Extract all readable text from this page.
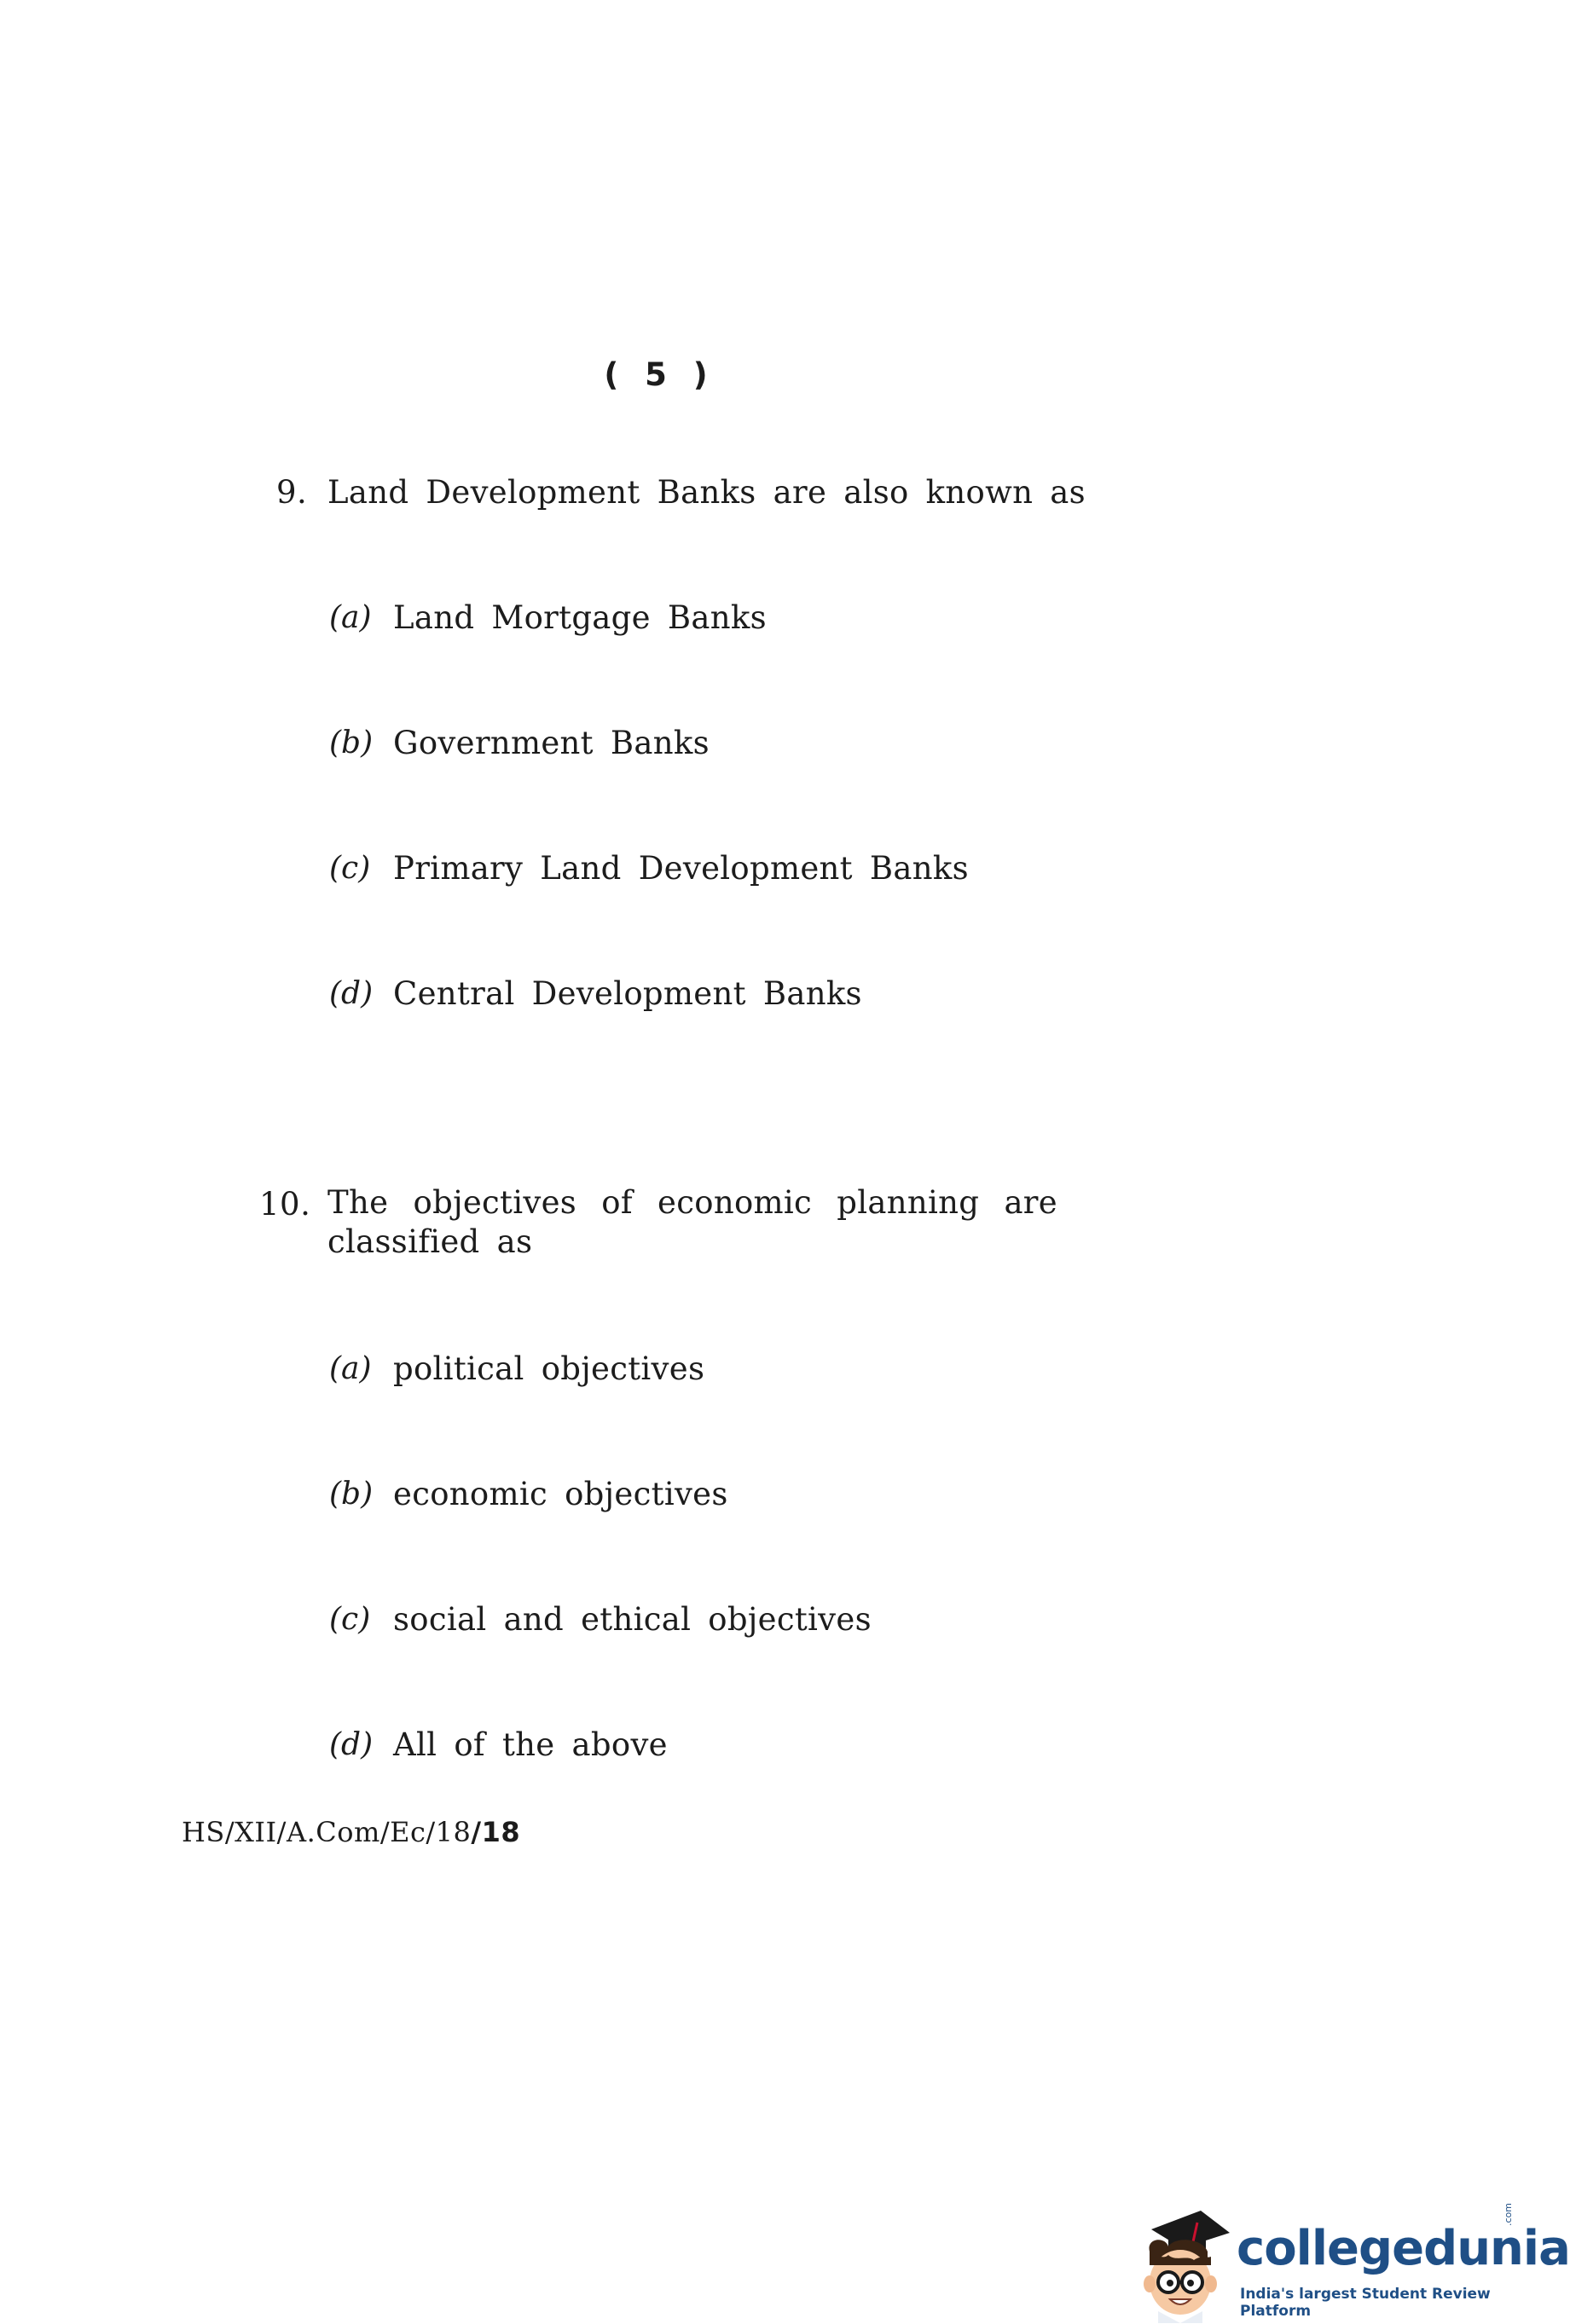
( 5 )
9. Land Development Banks are also known as
(a) Land Mortgage Banks
(b) Government Banks
(c) Primary Land Development Banks
(d) Central Development Banks
10. The objectives of economic planning are classified as
(a) political objectives
(b) economic objectives
(c) social and ethical objectives
(d) All of the above
HS/XII/A.Com/Ec/18/18
collegedunia
.com
India's largest Student Review Platform
